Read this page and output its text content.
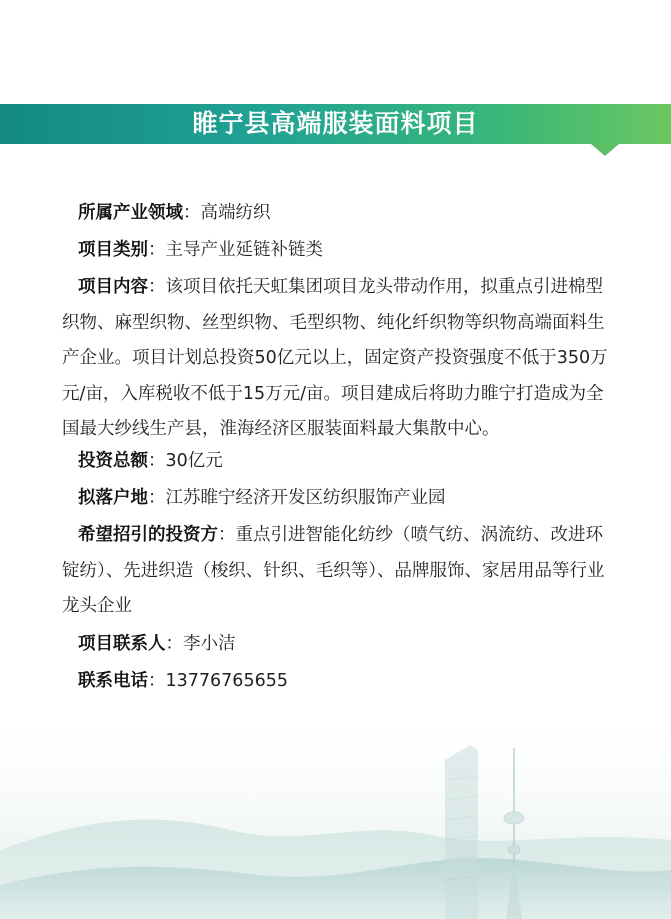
睢宁县高端服装面料项目
所属产业领域：高端纺织
项目类别：主导产业延链补链类
项目内容：该项目依托天虹集团项目龙头带动作用，拟重点引进棉型织物、麻型织物、丝型织物、毛型织物、纯化纤织物等织物高端面料生产企业。项目计划总投资50亿元以上，固定资产投资强度不低于350万元/亩，入库税收不低于15万元/亩。项目建成后将助力睢宁打造成为全国最大纱线生产县，淮海经济区服装面料最大集散中心。
投资总额：30亿元
拟落户地：江苏睢宁经济开发区纺织服饰产业园
希望招引的投资方：重点引进智能化纺纱（喷气纺、涡流纺、改进环锭纺）、先进织造（梭织、针织、毛织等）、品牌服饰、家居用品等行业龙头企业
项目联系人：李小洁
联系电话：13776765655
